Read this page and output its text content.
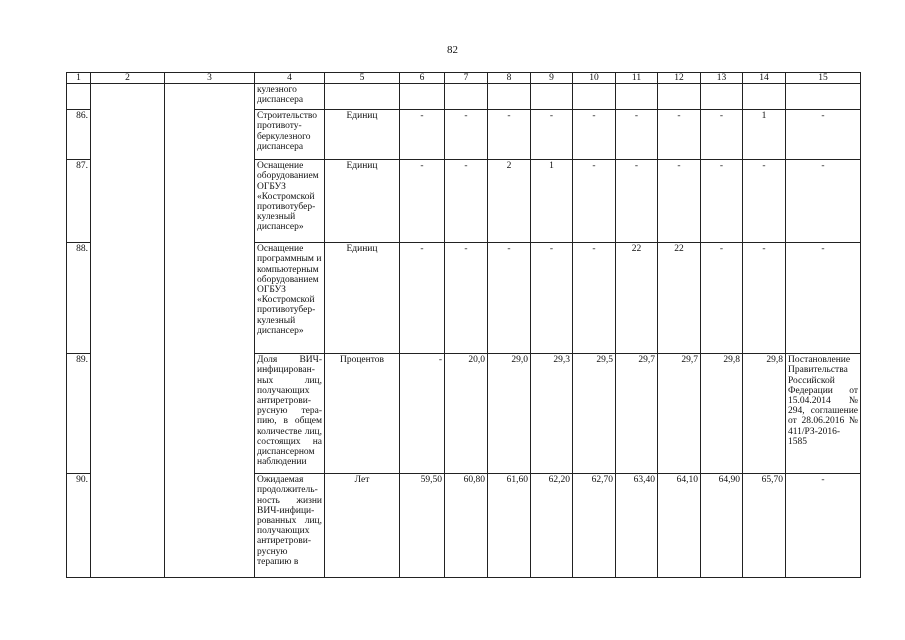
82
1	2	3	4	5	6	7	8	9	10	11	12	13	14	15
			кулезного диспансера											
86.			Строительство противоту-беркулезного диспансера	Единиц	-	-	-	-	-	-	-	-	1	-
87.			Оснащение оборудованием ОГБУЗ «Костромской противотубер-кулезный диспансер»	Единиц	-	-	2	1	-	-	-	-	-	-
88.			Оснащение программным и компьютерным оборудованием ОГБУЗ «Костромской противотубер-кулезный диспансер»	Единиц	-	-	-	-	-	22	22	-	-	-
89.			Доля ВИЧ-инфицирован-ных лиц, получающих антиретрови-русную тера-пию, в общем количестве лиц, состоящих на диспансерном наблюдении	Процентов	-	20,0	29,0	29,3	29,5	29,7	29,7	29,8	29,8	Постановление Правительства Российской Федерации от 15.04.2014 № 294, соглашение от 28.06.2016 № 411/РЗ-2016-1585
90.			Ожидаемая продолжитель-ность жизни ВИЧ-инфици-рованных лиц, получающих антиретрови-русную терапию в	Лет	59,50	60,80	61,60	62,20	62,70	63,40	64,10	64,90	65,70	-
